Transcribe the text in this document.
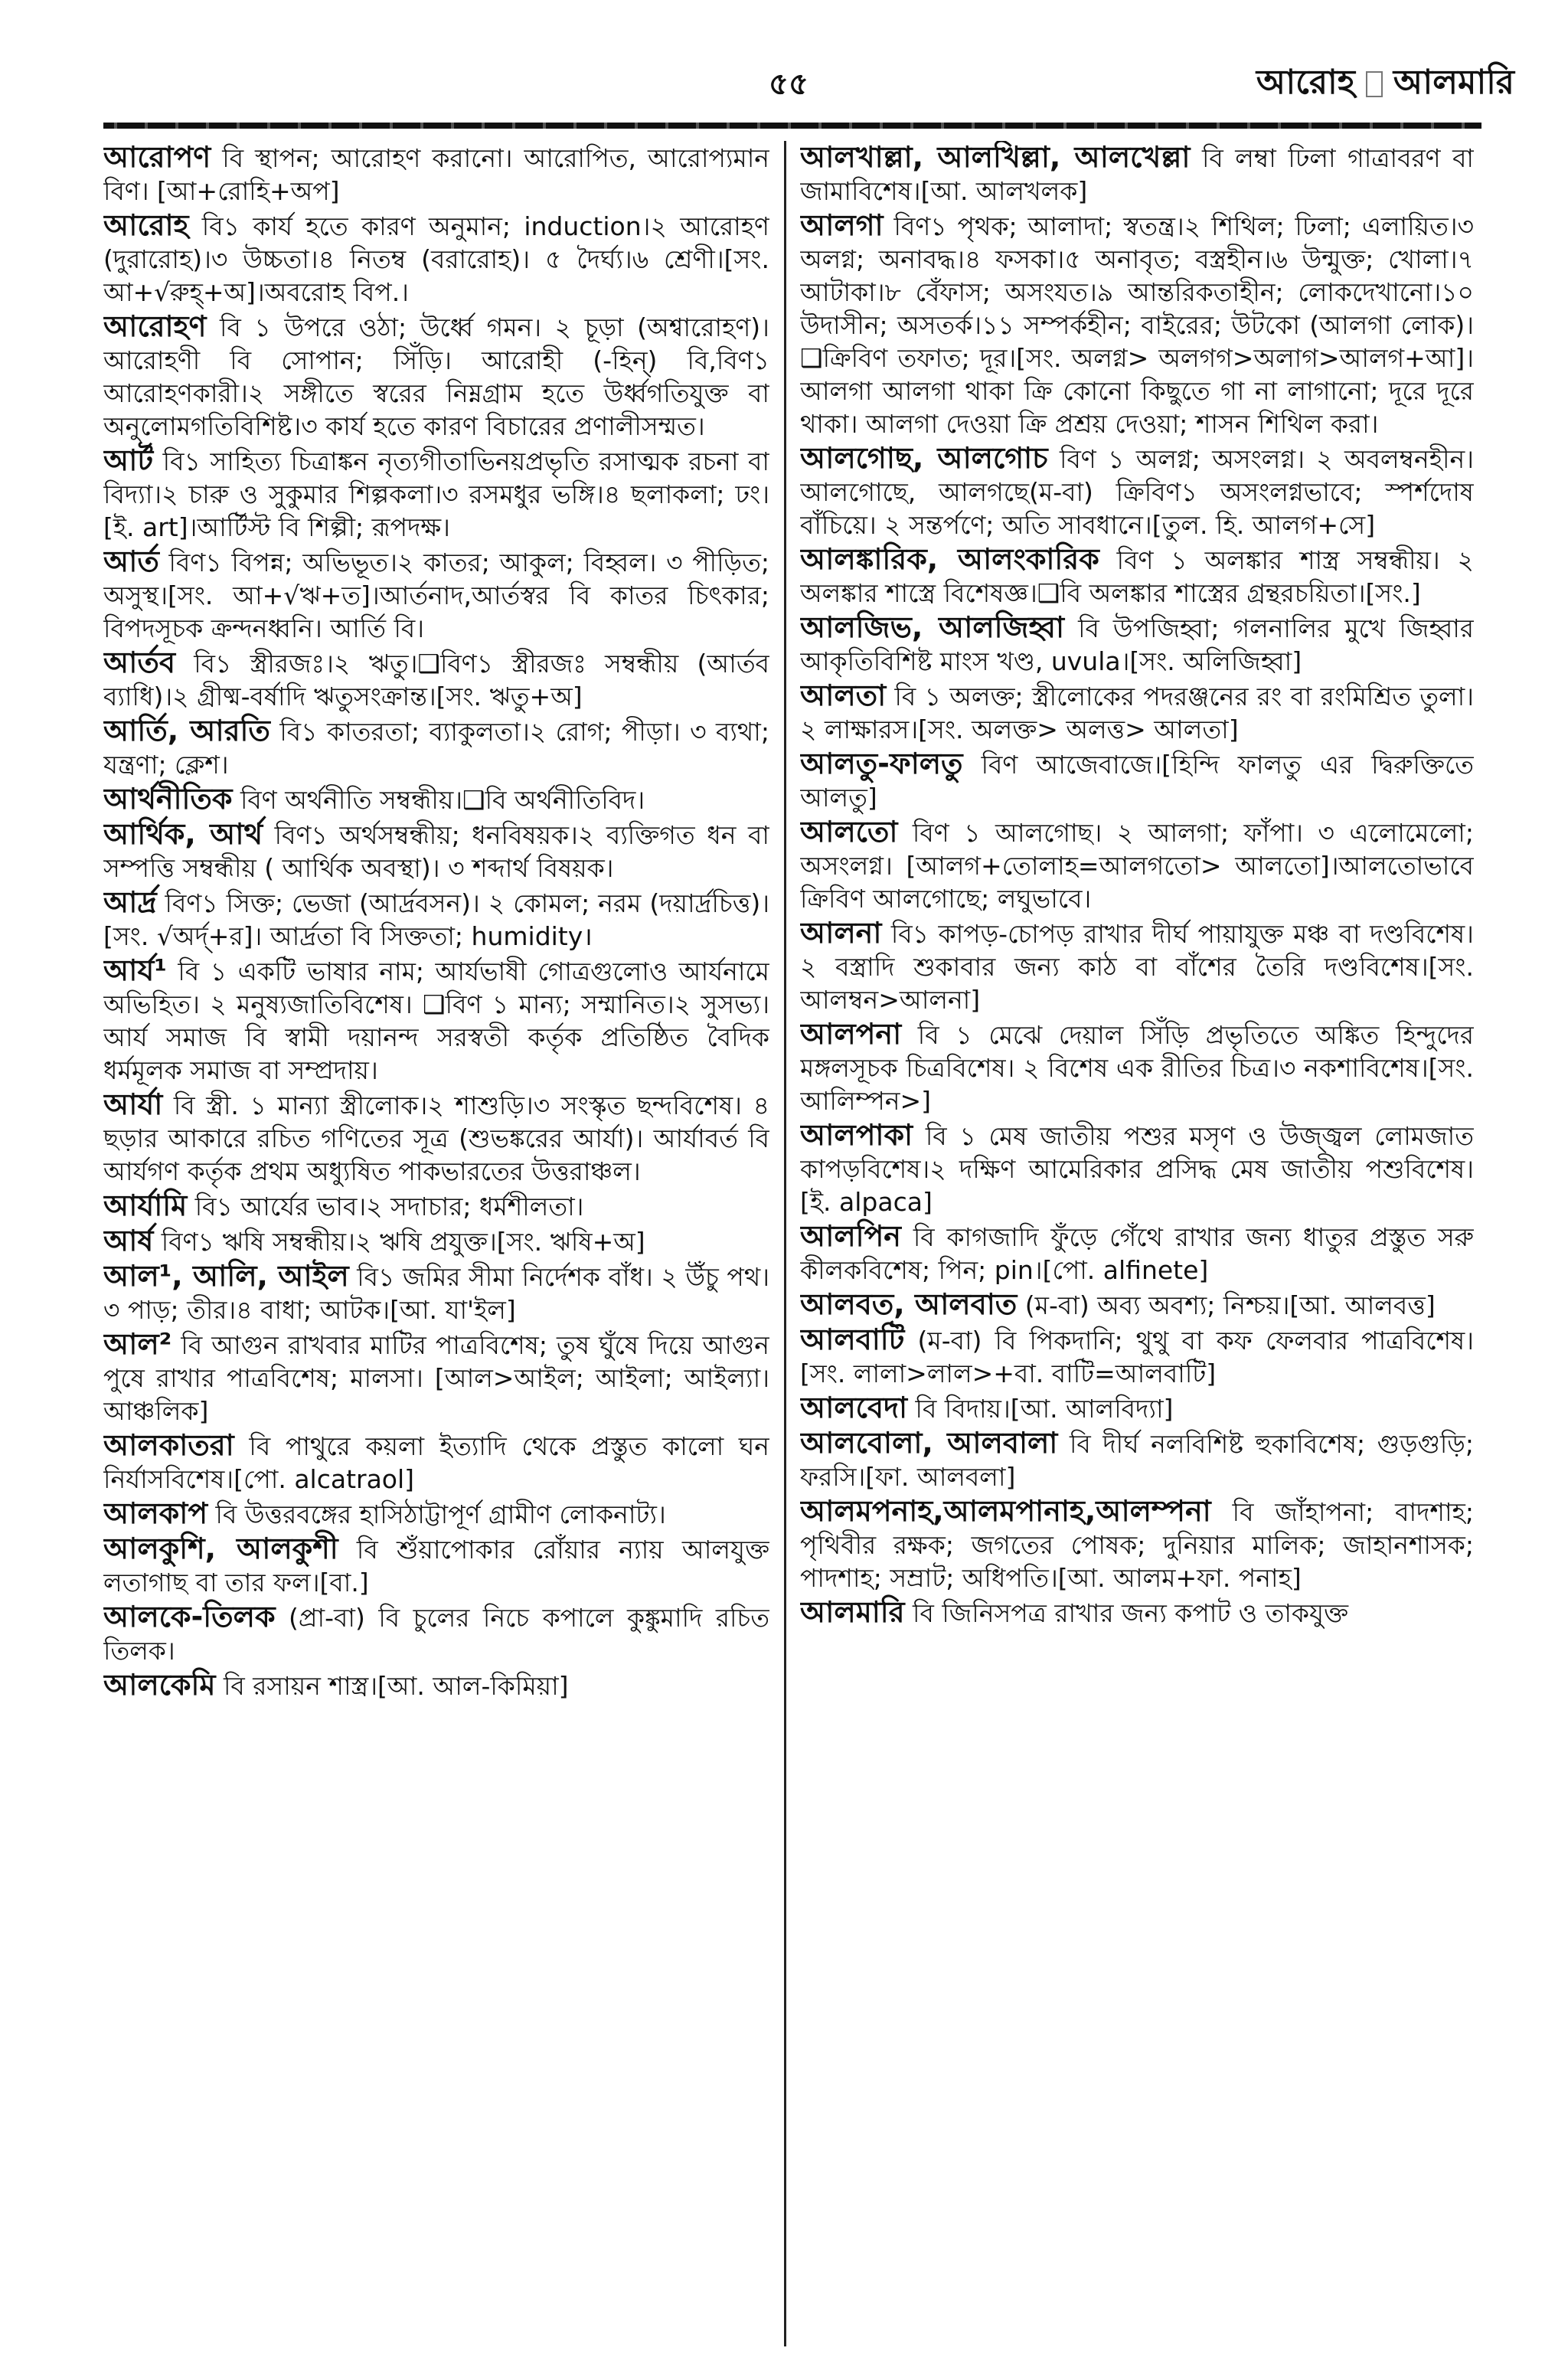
৫৫	আরোহ আলমারি

আরোপণ বি স্থাপন; আরোহণ করানো। আরোপিত, আরোপ্যমান বিণ। [আ+রোহি+অপ]

আরোহ বি১ কার্য হতে কারণ অনুমান; induction।২ আরোহণ (দুরারোহ)।৩ উচ্চতা।৪ নিতম্ব (বরারোহ)। ৫ দৈর্ঘ্য।৬ শ্রেণী।[সং. আ+√রুহ্+অ]।অবরোহ বিপ.।

আরোহণ বি ১ উপরে ওঠা; উর্ধ্বে গমন। ২ চূড়া (অশ্বারোহণ)। আরোহণী বি সোপান; সিঁড়ি। আরোহী (-হিন্) বি,বিণ১ আরোহণকারী।২ সঙ্গীতে স্বরের নিম্নগ্রাম হতে উর্ধ্বগতিযুক্ত বা অনুলোমগতিবিশিষ্ট।৩ কার্য হতে কারণ বিচারের প্রণালীসম্মত।

আর্ট বি১ সাহিত্য চিত্রাঙ্কন নৃত্যগীতাভিনয়প্রভৃতি রসাত্মক রচনা বা বিদ্যা।২ চারু ও সুকুমার শিল্পকলা।৩ রসমধুর ভঙ্গি।৪ ছলাকলা; ঢং।[ই. art]।আর্টিস্ট বি শিল্পী; রূপদক্ষ।

আর্ত বিণ১ বিপন্ন; অভিভূত।২ কাতর; আকুল; বিহ্বল। ৩ পীড়িত; অসুস্থ।[সং. আ+√ঋ+ত]।আর্তনাদ,আর্তস্বর বি কাতর চিৎকার; বিপদসূচক ক্রন্দনধ্বনি। আর্তি বি।

আর্তব বি১ স্ত্রীরজঃ।২ ঋতু।❑বিণ১ স্ত্রীরজঃ সম্বন্ধীয় (আর্তব ব্যাধি)।২ গ্রীষ্ম-বর্ষাদি ঋতুসংক্রান্ত।[সং. ঋতু+অ]

আর্তি, আরতি বি১ কাতরতা; ব্যাকুলতা।২ রোগ; পীড়া। ৩ ব্যথা; যন্ত্রণা; ক্লেশ।

আর্থনীতিক বিণ অর্থনীতি সম্বন্ধীয়।❑বি অর্থনীতিবিদ।

আর্থিক, আর্থ বিণ১ অর্থসম্বন্ধীয়; ধনবিষয়ক।২ ব্যক্তিগত ধন বা সম্পত্তি সম্বন্ধীয় ( আর্থিক অবস্থা)। ৩ শব্দার্থ বিষয়ক।

আর্দ্র বিণ১ সিক্ত; ভেজা (আর্দ্রবসন)। ২ কোমল; নরম (দয়ার্দ্রচিত্ত)। [সং. √অর্দ্+র]। আর্দ্রতা বি সিক্ততা; humidity।

আর্য¹ বি ১ একটি ভাষার নাম; আর্যভাষী গোত্রগুলোও আর্যনামে অভিহিত। ২ মনুষ্যজাতিবিশেষ। ❑বিণ ১ মান্য; সম্মানিত।২ সুসভ্য।আর্য সমাজ বি স্বামী দয়ানন্দ সরস্বতী কর্তৃক প্রতিষ্ঠিত বৈদিক ধর্মমূলক সমাজ বা সম্প্রদায়।

আর্যা বি স্ত্রী. ১ মান্যা স্ত্রীলোক।২ শাশুড়ি।৩ সংস্কৃত ছন্দবিশেষ। ৪ ছড়ার আকারে রচিত গণিতের সূত্র (শুভঙ্করের আর্যা)। আর্যাবর্ত বি আর্যগণ কর্তৃক প্রথম অধ্যুষিত পাকভারতের উত্তরাঞ্চল।

আর্যামি বি১ আর্যের ভাব।২ সদাচার; ধর্মশীলতা।

আর্ষ বিণ১ ঋষি সম্বন্ধীয়।২ ঋষি প্রযুক্ত।[সং. ঋষি+অ]

আল¹, আলি, আইল বি১ জমির সীমা নির্দেশক বাঁধ। ২ উঁচু পথ।৩ পাড়; তীর।৪ বাধা; আটক।[আ. যা'ইল]

আল² বি আগুন রাখবার মাটির পাত্রবিশেষ; তুষ ঘুঁষে দিয়ে আগুন পুষে রাখার পাত্রবিশেষ; মালসা। [আল>আইল; আইলা; আইল্যা। আঞ্চলিক]

আলকাতরা বি পাথুরে কয়লা ইত্যাদি থেকে প্রস্তুত কালো ঘন নির্যাসবিশেষ।[পো. alcatraol]

আলকাপ বি উত্তরবঙ্গের হাসিঠাট্টাপূর্ণ গ্রামীণ লোকনাট্য।

আলকুশি, আলকুশী বি শুঁয়াপোকার রোঁয়ার ন্যায় আলযুক্ত লতাগাছ বা তার ফল।[বা.]

আলকে-তিলক (প্রা-বা) বি চুলের নিচে কপালে কুঙ্কুমাদি রচিত তিলক।

আলকেমি বি রসায়ন শাস্ত্র।[আ. আল-কিমিয়া]

আলখাল্লা, আলখিল্লা, আলখেল্লা বি লম্বা ঢিলা গাত্রাবরণ বা জামাবিশেষ।[আ. আলখলক]

আলগা বিণ১ পৃথক; আলাদা; স্বতন্ত্র।২ শিথিল; ঢিলা; এলায়িত।৩ অলগ্ন; অনাবদ্ধ।৪ ফসকা।৫ অনাবৃত; বস্ত্রহীন।৬ উন্মুক্ত; খোলা।৭ আটাকা।৮ বেঁফাস; অসংযত।৯ আন্তরিকতাহীন; লোকদেখানো।১০ উদাসীন; অসতর্ক।১১ সম্পর্কহীন; বাইরের; উটকো (আলগা লোক)।❑ক্রিবিণ তফাত; দূর।[সং. অলগ্ন> অলগগ>অলাগ>আলগ+আ]।আলগা আলগা থাকা ক্রি কোনো কিছুতে গা না লাগানো; দূরে দূরে থাকা। আলগা দেওয়া ক্রি প্রশ্রয় দেওয়া; শাসন শিথিল করা।

আলগোছ, আলগোচ বিণ ১ অলগ্ন; অসংলগ্ন। ২ অবলম্বনহীন।আলগোছে, আলগছে(ম-বা) ক্রিবিণ১ অসংলগ্নভাবে; স্পর্শদোষ বাঁচিয়ে। ২ সন্তর্পণে; অতি সাবধানে।[তুল. হি. আলগ+সে]

আলঙ্কারিক, আলংকারিক বিণ ১ অলঙ্কার শাস্ত্র সম্বন্ধীয়। ২ অলঙ্কার শাস্ত্রে বিশেষজ্ঞ।❑বি অলঙ্কার শাস্ত্রের গ্রন্থরচয়িতা।[সং.]

আলজিভ, আলজিহ্বা বি উপজিহ্বা; গলনালির মুখে জিহ্বার আকৃতিবিশিষ্ট মাংস খণ্ড, uvula।[সং. অলিজিহ্বা]

আলতা বি ১ অলক্ত; স্ত্রীলোকের পদরঞ্জনের রং বা রংমিশ্রিত তুলা। ২ লাক্ষারস।[সং. অলক্ত> অলত্ত> আলতা]

আলতু-ফালতু বিণ আজেবাজে।[হিন্দি ফালতু এর দ্বিরুক্তিতে আলতু]

আলতো বিণ ১ আলগোছ। ২ আলগা; ফাঁপা। ৩ এলোমেলো; অসংলগ্ন। [আলগ+তোলাহ=আলগতো> আলতো]।আলতোভাবে ক্রিবিণ আলগোছে; লঘুভাবে।

আলনা বি১ কাপড়-চোপড় রাখার দীর্ঘ পায়াযুক্ত মঞ্চ বা দণ্ডবিশেষ।২ বস্ত্রাদি শুকাবার জন্য কাঠ বা বাঁশের তৈরি দণ্ডবিশেষ।[সং. আলম্বন>আলনা]

আলপনা বি ১ মেঝে দেয়াল সিঁড়ি প্রভৃতিতে অঙ্কিত হিন্দুদের মঙ্গলসূচক চিত্রবিশেষ। ২ বিশেষ এক রীতির চিত্র।৩ নকশাবিশেষ।[সং. আলিম্পন>]

আলপাকা বি ১ মেষ জাতীয় পশুর মসৃণ ও উজ্জ্বল লোমজাত কাপড়বিশেষ।২ দক্ষিণ আমেরিকার প্রসিদ্ধ মেষ জাতীয় পশুবিশেষ।[ই. alpaca]

আলপিন বি কাগজাদি ফুঁড়ে গেঁথে রাখার জন্য ধাতুর প্রস্তুত সরু কীলকবিশেষ; পিন; pin।[পো. alfinete]

আলবত, আলবাত (ম-বা) অব্য অবশ্য; নিশ্চয়।[আ. আলবত্ত]

আলবাটি (ম-বা) বি পিকদানি; থুথু বা কফ ফেলবার পাত্রবিশেষ।[সং. লালা>লাল>+বা. বাটি=আলবাটি]

আলবেদা বি বিদায়।[আ. আলবিদ্যা]

আলবোলা, আলবালা বি দীর্ঘ নলবিশিষ্ট হুকাবিশেষ; গুড়গুড়ি; ফরসি।[ফা. আলবলা]

আলমপনাহ,আলমপানাহ,আলম্পনা বি জাঁহাপনা; বাদশাহ; পৃথিবীর রক্ষক; জগতের পোষক; দুনিয়ার মালিক; জাহানশাসক; পাদশাহ; সম্রাট; অধিপতি।[আ. আলম+ফা. পনাহ]

আলমারি বি জিনিসপত্র রাখার জন্য কপাট ও তাকযুক্ত
